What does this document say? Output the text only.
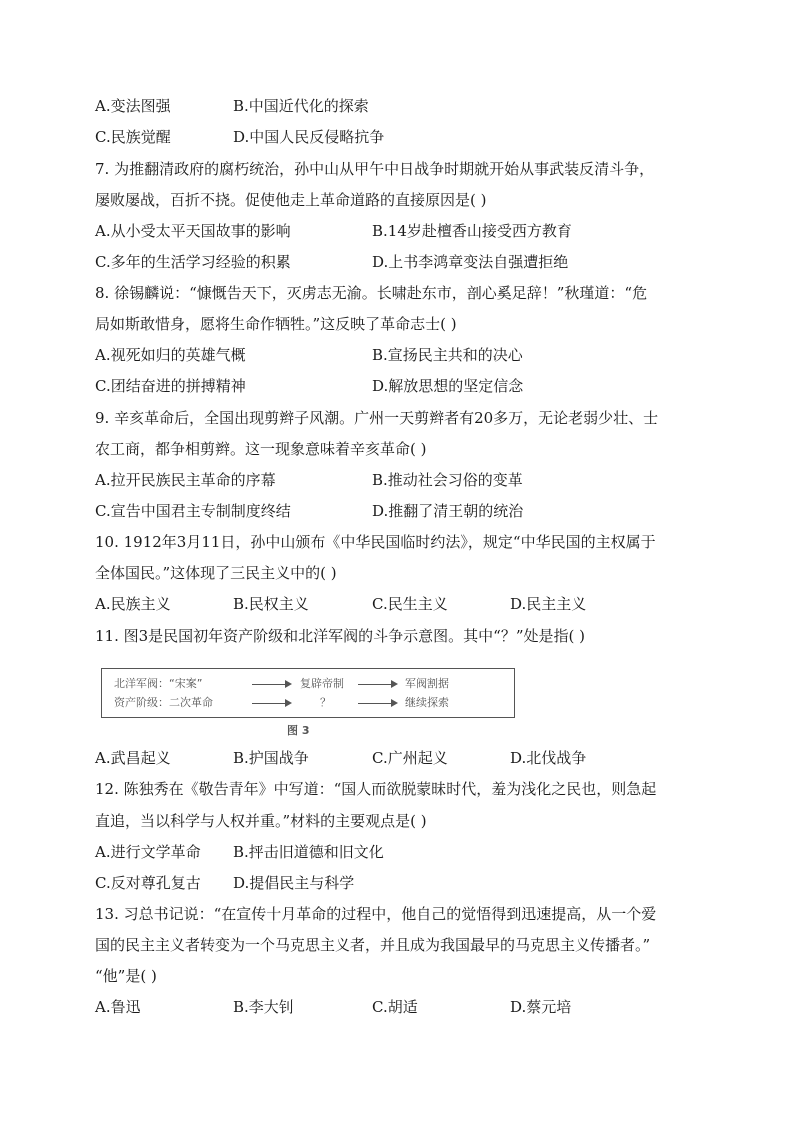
A.变法图强	B.中国近代化的探索
C.民族觉醒	D.中国人民反侵略抗争
7. 为推翻清政府的腐朽统治，孙中山从甲午中日战争时期就开始从事武装反清斗争，
屡败屡战，百折不挠。促使他走上革命道路的直接原因是( )
A.从小受太平天国故事的影响	B.14岁赴檀香山接受西方教育
C.多年的生活学习经验的积累	D.上书李鸿章变法自强遭拒绝
8. 徐锡麟说：“慷慨告天下，灭虏志无渝。长啸赴东市，剖心奚足辞！”秋瑾道：“危
局如斯敢惜身，愿将生命作牺牲。”这反映了革命志士( )
A.视死如归的英雄气概	B.宣扬民主共和的决心
C.团结奋进的拼搏精神	D.解放思想的坚定信念
9. 辛亥革命后，全国出现剪辫子风潮。广州一天剪辫者有20多万，无论老弱少壮、士
农工商，都争相剪辫。这一现象意味着辛亥革命( )
A.拉开民族民主革命的序幕	B.推动社会习俗的变革
C.宣告中国君主专制制度终结	D.推翻了清王朝的统治
10. 1912年3月11日，孙中山颁布《中华民国临时约法》，规定“中华民国的主权属于
全体国民。”这体现了三民主义中的( )
A.民族主义	B.民权主义	C.民生主义	D.民主主义
11. 图3是民国初年资产阶级和北洋军阀的斗争示意图。其中“？”处是指( )
北洋军阀：“宋案”	复辟帝制	军阀割据
资产阶级：二次革命	？	继续探索
图 3
A.武昌起义	B.护国战争	C.广州起义	D.北伐战争
12. 陈独秀在《敬告青年》中写道：“国人而欲脱蒙昧时代，羞为浅化之民也，则急起
直追，当以科学与人权并重。”材料的主要观点是( )
A.进行文学革命 B.抨击旧道德和旧文化
C.反对尊孔复古 D.提倡民主与科学
13. 习总书记说：“在宣传十月革命的过程中，他自己的觉悟得到迅速提高，从一个爱
国的民主主义者转变为一个马克思主义者，并且成为我国最早的马克思主义传播者。”
“他”是( )
A.鲁迅	B.李大钊	C.胡适	D.蔡元培
